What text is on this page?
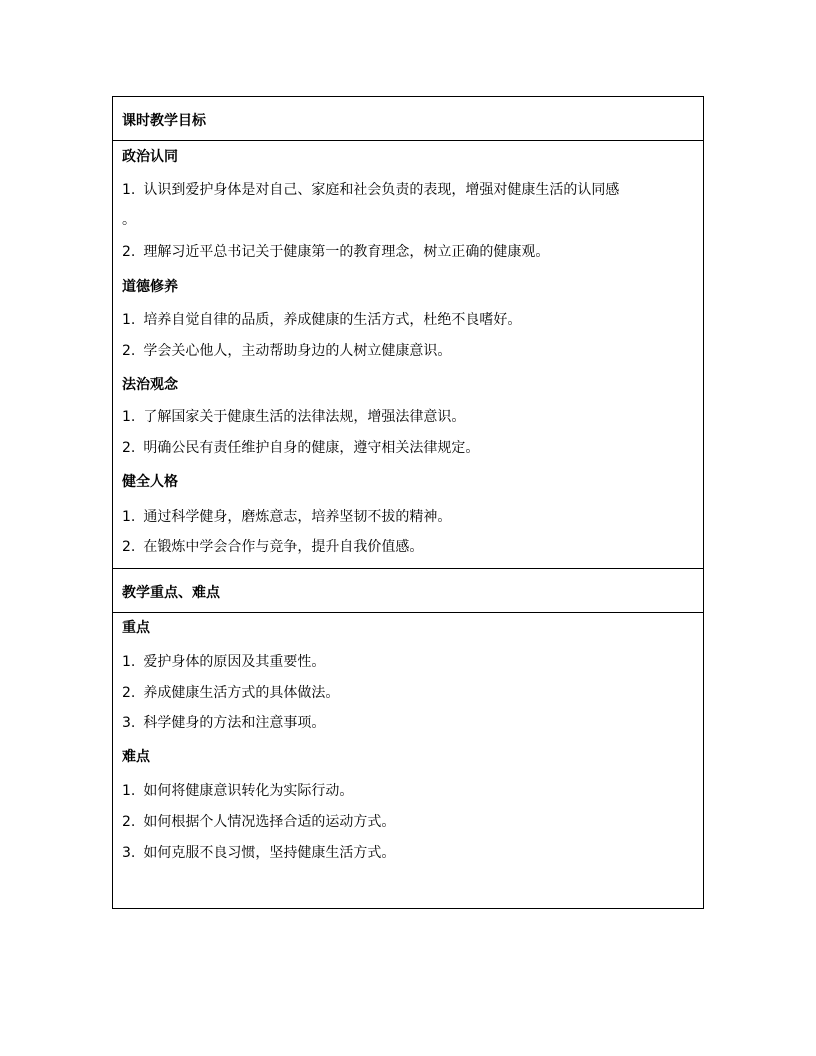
课时教学目标
政治认同
1. 认识到爱护身体是对自己、家庭和社会负责的表现，增强对健康生活的认同感
。
2. 理解习近平总书记关于健康第一的教育理念，树立正确的健康观。
道德修养
1. 培养自觉自律的品质，养成健康的生活方式，杜绝不良嗜好。
2. 学会关心他人，主动帮助身边的人树立健康意识。
法治观念
1. 了解国家关于健康生活的法律法规，增强法律意识。
2. 明确公民有责任维护自身的健康，遵守相关法律规定。
健全人格
1. 通过科学健身，磨炼意志，培养坚韧不拔的精神。
2. 在锻炼中学会合作与竞争，提升自我价值感。
教学重点、难点
重点
1. 爱护身体的原因及其重要性。
2. 养成健康生活方式的具体做法。
3. 科学健身的方法和注意事项。
难点
1. 如何将健康意识转化为实际行动。
2. 如何根据个人情况选择合适的运动方式。
3. 如何克服不良习惯，坚持健康生活方式。
